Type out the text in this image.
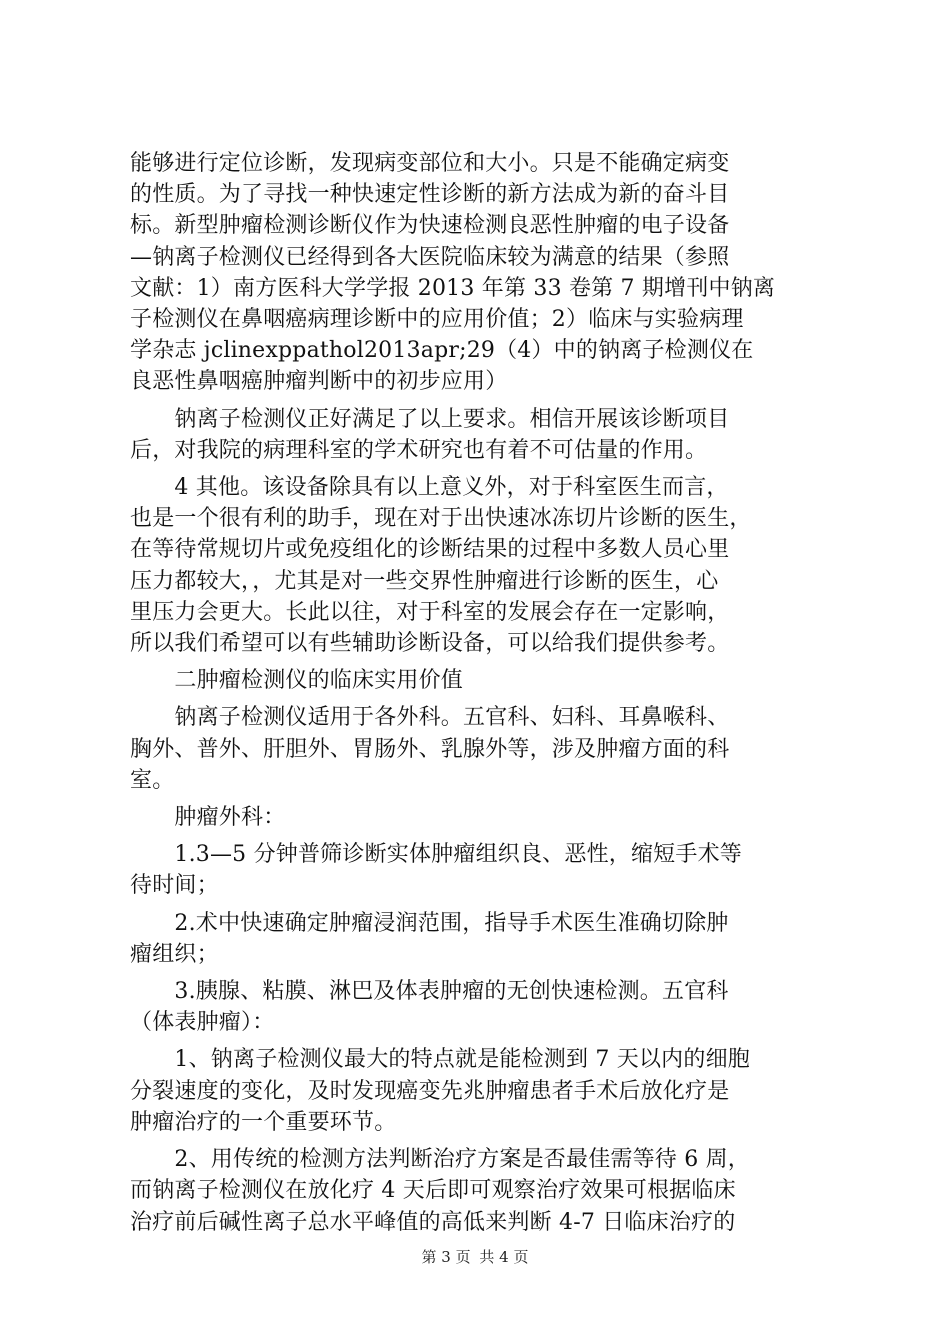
能够进行定位诊断，发现病变部位和大小。只是不能确定病变
的性质。为了寻找一种快速定性诊断的新方法成为新的奋斗目
标。新型肿瘤检测诊断仪作为快速检测良恶性肿瘤的电子设备
—钠离子检测仪已经得到各大医院临床较为满意的结果（参照
文献：1）南方医科大学学报 2013 年第 33 卷第 7 期增刊中钠离
子检测仪在鼻咽癌病理诊断中的应用价值；2）临床与实验病理
学杂志 jclinexppathol2013apr;29（4）中的钠离子检测仪在
良恶性鼻咽癌肿瘤判断中的初步应用）
　　钠离子检测仪正好满足了以上要求。相信开展该诊断项目
后，对我院的病理科室的学术研究也有着不可估量的作用。
　　4 其他。该设备除具有以上意义外，对于科室医生而言，
也是一个很有利的助手，现在对于出快速冰冻切片诊断的医生，
在等待常规切片或免疫组化的诊断结果的过程中多数人员心里
压力都较大，，尤其是对一些交界性肿瘤进行诊断的医生，心
里压力会更大。长此以往，对于科室的发展会存在一定影响，
所以我们希望可以有些辅助诊断设备，可以给我们提供参考。
　　二肿瘤检测仪的临床实用价值
　　钠离子检测仪适用于各外科。五官科、妇科、耳鼻喉科、
胸外、普外、肝胆外、胃肠外、乳腺外等，涉及肿瘤方面的科
室。
　　肿瘤外科：
　　1.3—5 分钟普筛诊断实体肿瘤组织良、恶性，缩短手术等
待时间；
　　2.术中快速确定肿瘤浸润范围，指导手术医生准确切除肿
瘤组织；
　　3.胰腺、粘膜、淋巴及体表肿瘤的无创快速检测。五官科
（体表肿瘤）：
　　1、钠离子检测仪最大的特点就是能检测到 7 天以内的细胞
分裂速度的变化，及时发现癌变先兆肿瘤患者手术后放化疗是
肿瘤治疗的一个重要环节。
　　2、用传统的检测方法判断治疗方案是否最佳需等待 6 周，
而钠离子检测仪在放化疗 4 天后即可观察治疗效果可根据临床
治疗前后碱性离子总水平峰值的高低来判断 4-7 日临床治疗的
第 3 页 共 4 页
